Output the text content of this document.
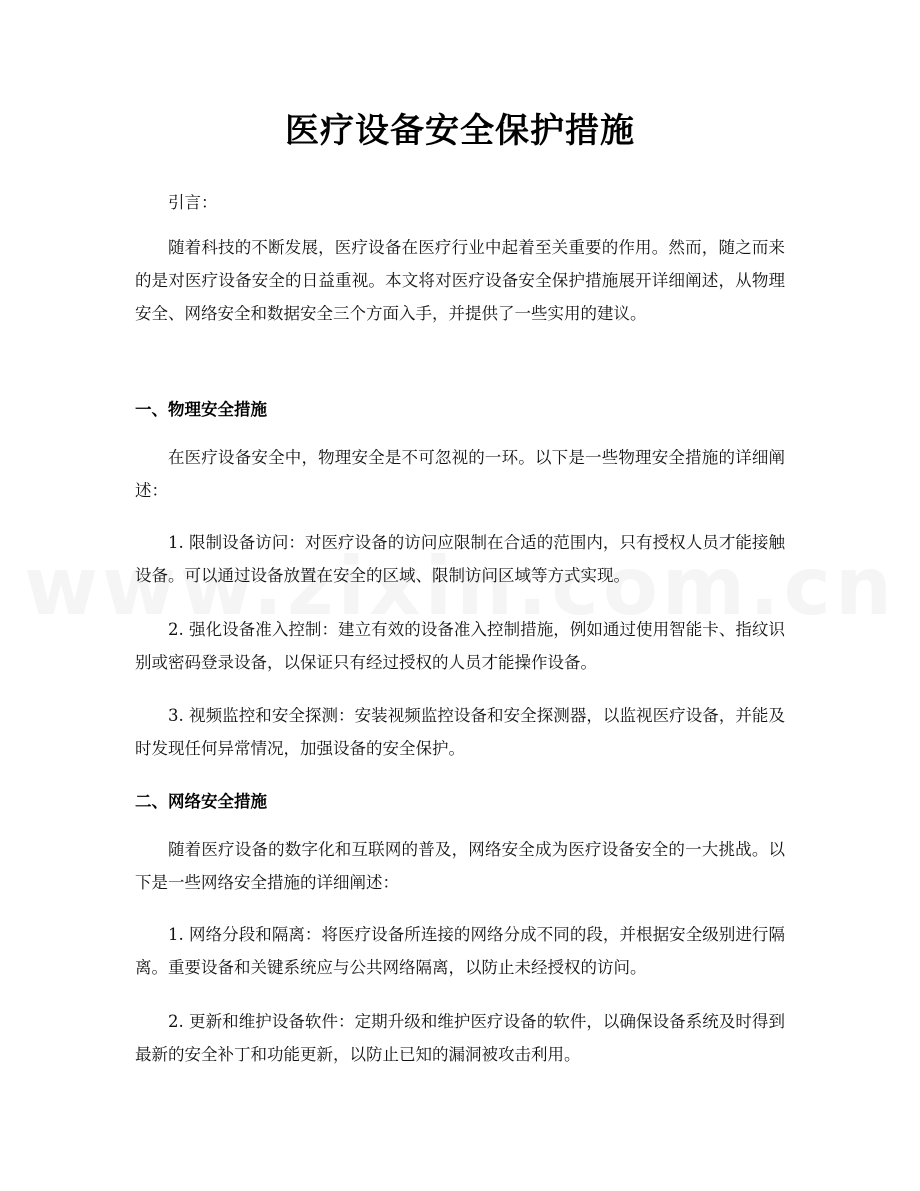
医疗设备安全保护措施

引言：

随着科技的不断发展，医疗设备在医疗行业中起着至关重要的作用。然而，随之而来的是对医疗设备安全的日益重视。本文将对医疗设备安全保护措施展开详细阐述，从物理安全、网络安全和数据安全三个方面入手，并提供了一些实用的建议。

一、物理安全措施

在医疗设备安全中，物理安全是不可忽视的一环。以下是一些物理安全措施的详细阐述：

1. 限制设备访问：对医疗设备的访问应限制在合适的范围内，只有授权人员才能接触设备。可以通过设备放置在安全的区域、限制访问区域等方式实现。

2. 强化设备准入控制：建立有效的设备准入控制措施，例如通过使用智能卡、指纹识别或密码登录设备，以保证只有经过授权的人员才能操作设备。

3. 视频监控和安全探测：安装视频监控设备和安全探测器，以监视医疗设备，并能及时发现任何异常情况，加强设备的安全保护。

二、网络安全措施

随着医疗设备的数字化和互联网的普及，网络安全成为医疗设备安全的一大挑战。以下是一些网络安全措施的详细阐述：

1. 网络分段和隔离：将医疗设备所连接的网络分成不同的段，并根据安全级别进行隔离。重要设备和关键系统应与公共网络隔离，以防止未经授权的访问。

2. 更新和维护设备软件：定期升级和维护医疗设备的软件，以确保设备系统及时得到最新的安全补丁和功能更新，以防止已知的漏洞被攻击利用。
